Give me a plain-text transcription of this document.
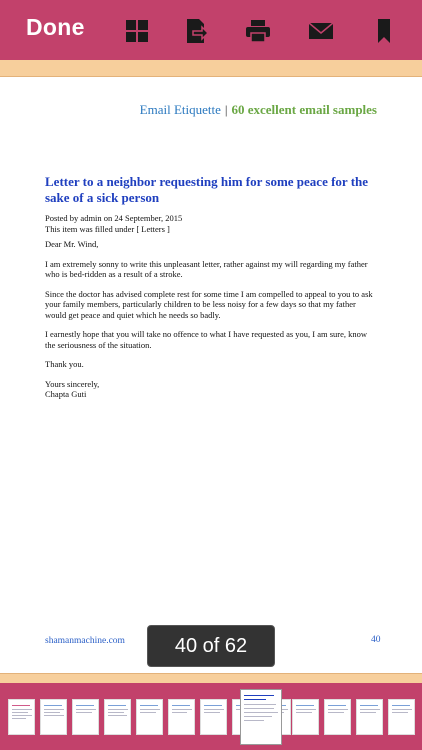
Done
Email Etiquette | 60 excellent email samples
Letter to a neighbor requesting him for some peace for the sake of a sick person
Posted by admin on 24 September, 2015
This item was filled under [ Letters ]

Dear Mr. Wind,

I am extremely sonny to write this unpleasant letter, rather against my will regarding my father who is bed-ridden as a result of a stroke.

Since the doctor has advised complete rest for some time I am compelled to appeal to you to ask your family members, particularly children to be less noisy for a few days so that my father would get peace and quiet which he needs so badly.

I earnestly hope that you will take no offence to what I have requested as you, I am sure, know the seriousness of the situation.

Thank you.

Yours sincerely,
Chapta Guti
shamanmachine.com	40
40 of 62
